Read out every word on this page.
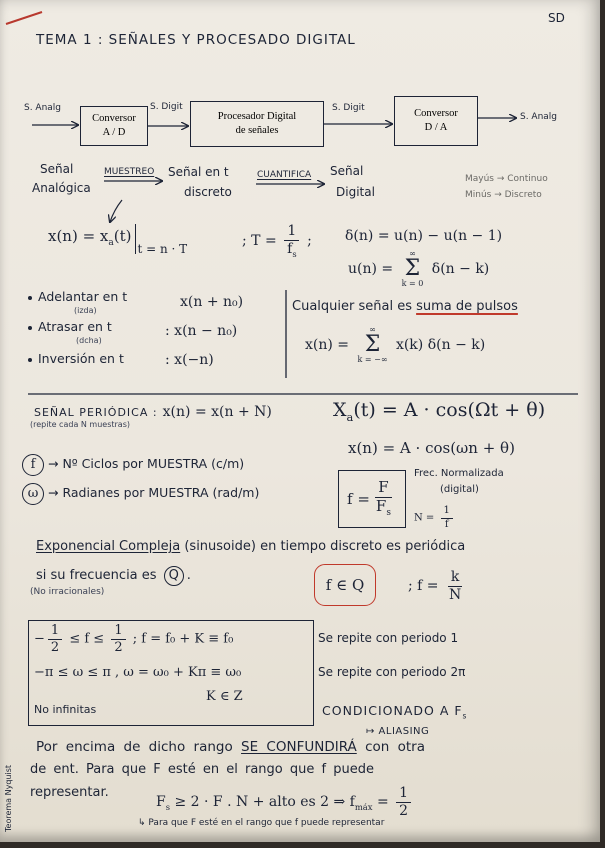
SD
TEMA 1 : SEÑALES Y PROCESADO DIGITAL
S. Analg
Conversor
A / D
S. Digit
Procesador Digital
de señales
S. Digit	Conversor
D / A
S. Analg
Señal
Analógica
MUESTREO Señal en t
discreto
CUANTIFICA Señal
Digital
Mayús → Continuo
Minús → Discreto
$x(n) = x_a(t)_{t = n \cdot T}$	; $T = \frac{1}{f_s}$ ; δ(n) = u(n) − u(n − 1)
u(n) =
∞
Σ
k = 0
δ(n − k)
Adelantar en t
(izda)
x(n + n₀)
Atrasar en t
(dcha)
: x(n − n₀)
Inversión en t	: x(−n)
Cualquier señal es suma de pulsos
x(n) =
∞
Σ
k = −∞
x(k) δ(n − k)
SEÑAL PERIÓDICA : x(n) = x(n + N)
(repite cada N muestras)
$X_a(t) = A \cdot \cos(\Omega t + \theta)$
x(n) = A · cos(ωn + θ)
f → Nº Ciclos por MUESTRA (c/m)
ω → Radianes por MUESTRA (rad/m)	$f = \frac{F}{F_s}$
Frec. Normalizada
(digital)
$N = \frac{1}{f}$
Exponencial Compleja (sinusoide) en tiempo discreto es periódica
si su frecuencia es Q .
(No irracionales)	f ∈ Q	; $f = \frac{k}{N}$
− $\frac{1}{2} \le f \le \frac{1}{2}$ ; f = f₀ + K ≡ f₀
−π ≤ ω ≤ π , ω = ω₀ + Kπ ≡ ω₀
K ∈ Z
No infinitas
Se repite con periodo 1
Se repite con periodo 2π
CONDICIONADO A $F_s$
↦ ALIASING
Por encima de dicho rango SE CONFUNDIRÁ con otra
de ent. Para que F esté en el rango que f puede
representar.
$F_s \ge 2 \cdot F$ . N + alto es 2 ⇒ $f_{máx} = \frac{1}{2}$
↳ Para que F esté en el rango que f puede representar
Teorema Nyquist
